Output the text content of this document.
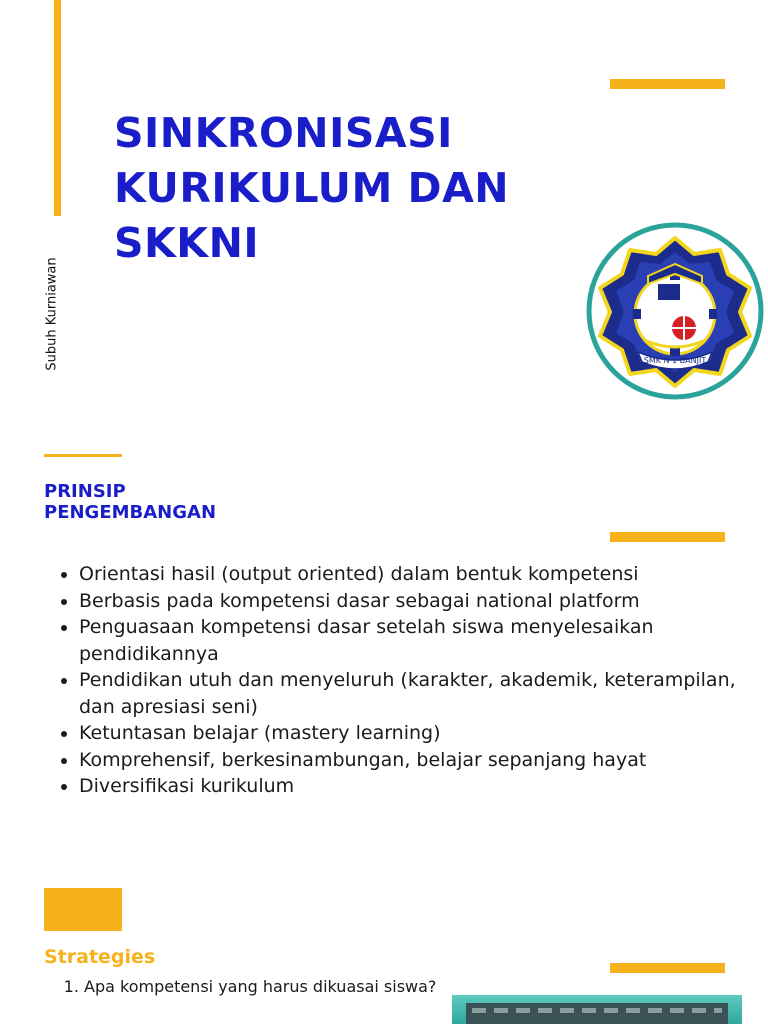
Subuh Kurniawan
SINKRONISASI
KURIKULUM DAN
SKKNI
SMK N 1 BANJIT
PRINSIP
PENGEMBANGAN
• Orientasi hasil (output oriented) dalam bentuk kompetensi
• Berbasis pada kompetensi dasar sebagai national platform
• Penguasaan kompetensi dasar setelah siswa menyelesaikan pendidikannya
• Pendidikan utuh dan menyeluruh (karakter, akademik, keterampilan, dan apresiasi seni)
• Ketuntasan belajar (mastery learning)
• Komprehensif, berkesinambungan, belajar sepanjang hayat
• Diversifikasi kurikulum
Strategies
1. Apa kompetensi yang harus dikuasai siswa?
